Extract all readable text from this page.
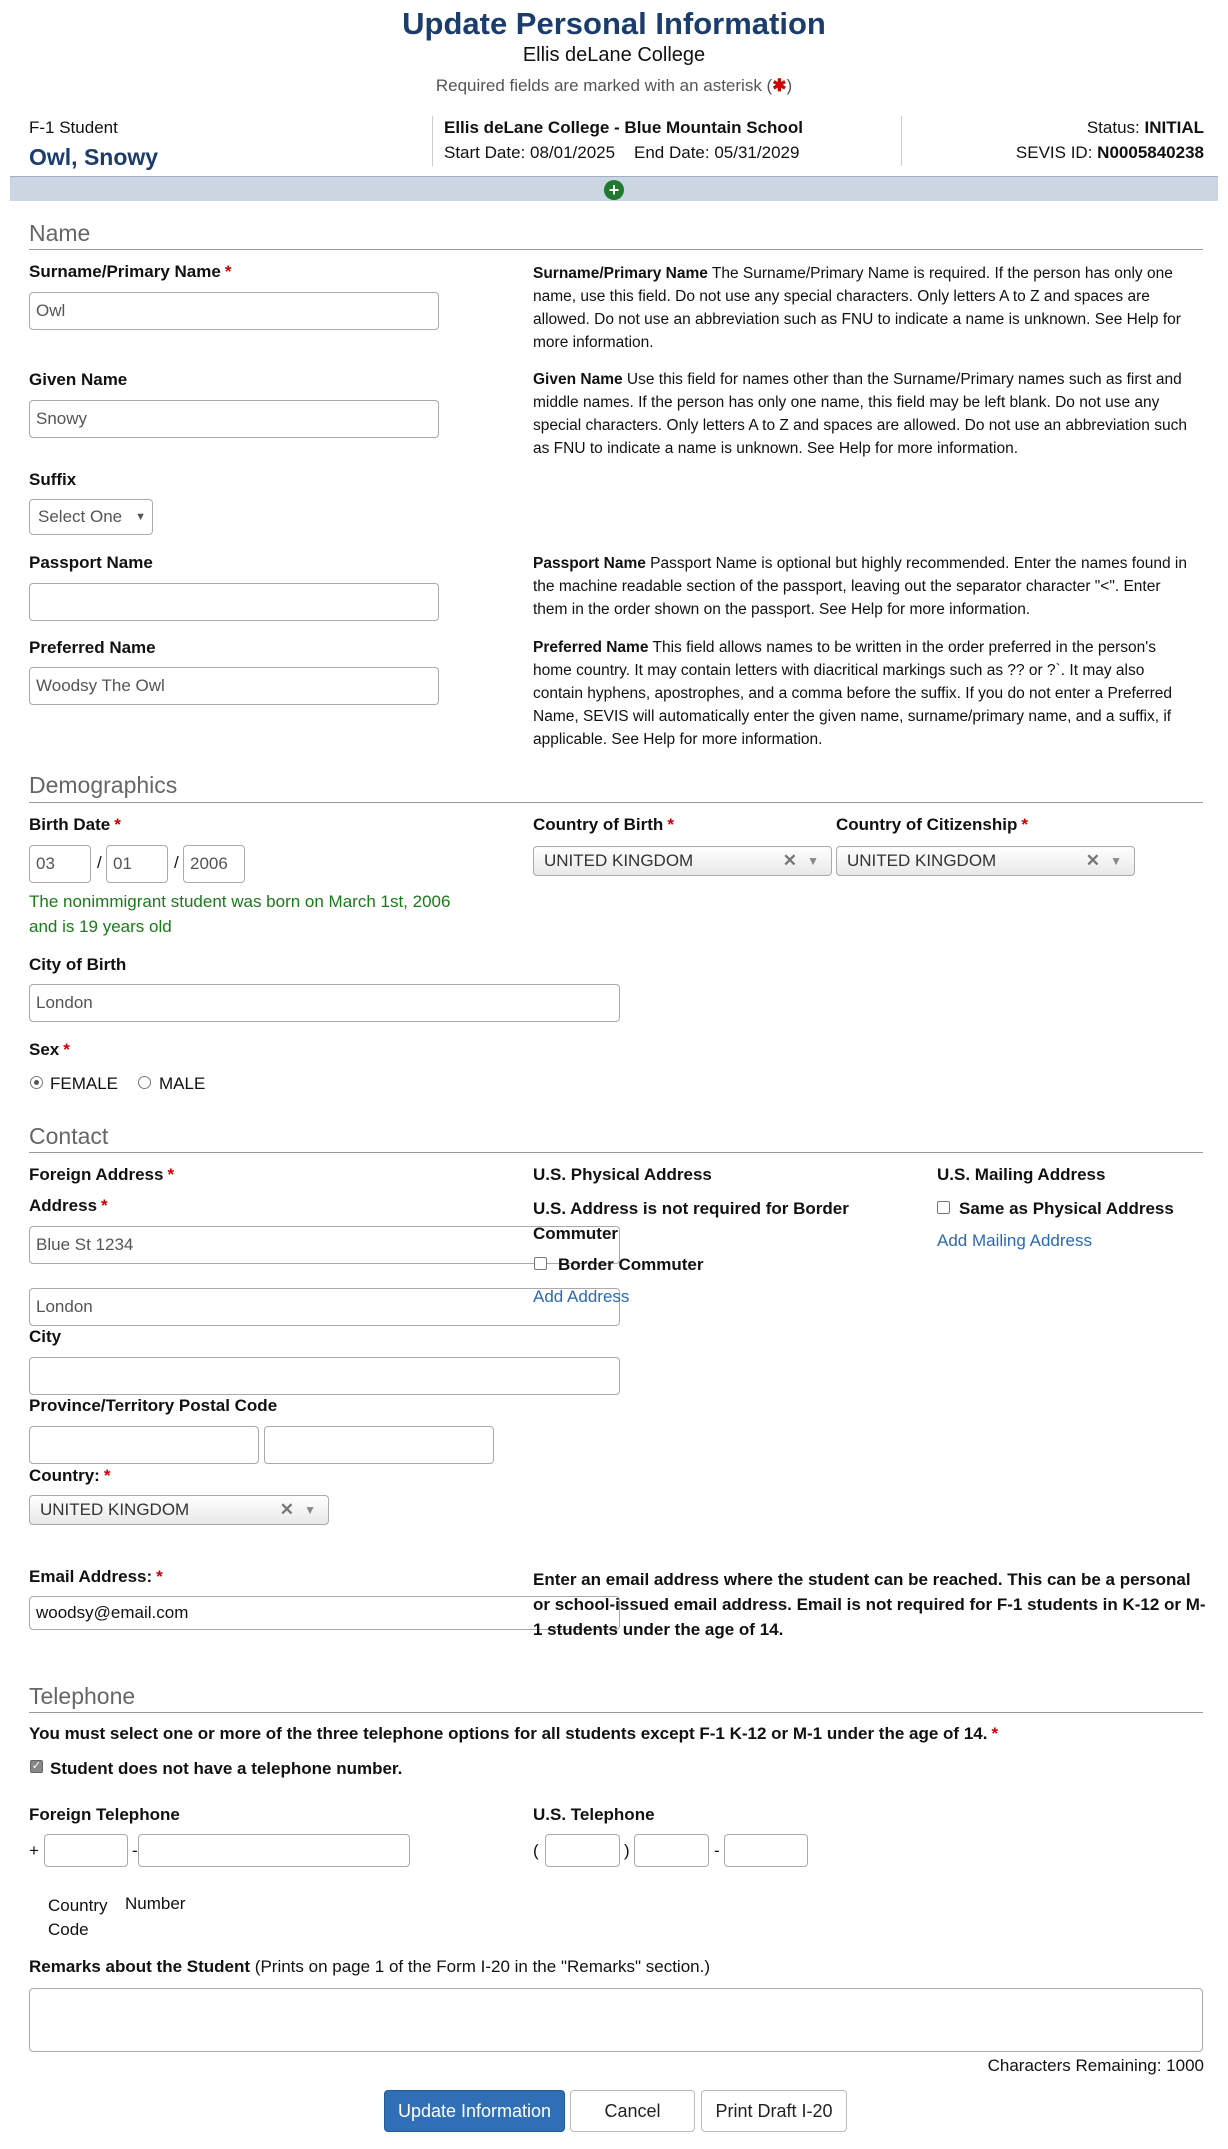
Update Personal Information
Ellis deLane College
Required fields are marked with an asterisk (✱)
F-1 Student
Owl, Snowy
Ellis deLane College - Blue Mountain School
Start Date: 08/01/2025 End Date: 05/31/2029
Status: INITIAL
SEVIS ID: N0005840238
+
Name
Surname/Primary Name *
Owl
Surname/Primary Name The Surname/Primary Name is required. If the person has only one name, use this field. Do not use any special characters. Only letters A to Z and spaces are allowed. Do not use an abbreviation such as FNU to indicate a name is unknown. See Help for more information.
Given Name
Snowy
Given Name Use this field for names other than the Surname/Primary names such as first and middle names. If the person has only one name, this field may be left blank. Do not use any special characters. Only letters A to Z and spaces are allowed. Do not use an abbreviation such as FNU to indicate a name is unknown. See Help for more information.
Suffix
Select One ▼
Passport Name	Passport Name Passport Name is optional but highly recommended. Enter the names found in the machine readable section of the passport, leaving out the separator character "<". Enter them in the order shown on the passport. See Help for more information.
Preferred Name
Woodsy The Owl
Preferred Name This field allows names to be written in the order preferred in the person's home country. It may contain letters with diacritical markings such as ?? or ?`. It may also contain hyphens, apostrophes, and a comma before the suffix. If you do not enter a Preferred Name, SEVIS will automatically enter the given name, surname/primary name, and a suffix, if applicable. See Help for more information.
Demographics
Birth Date *
03	/ 01	/ 2006
The nonimmigrant student was born on March 1st, 2006
and is 19 years old
Country of Birth *
UNITED KINGDOM	✕ ▼
Country of Citizenship *
UNITED KINGDOM	✕ ▼
City of Birth
London
Sex *
FEMALE MALE
Contact
Foreign Address *
Address *
Blue St 1234
London
City
Province/Territory Postal Code
Country: *
UNITED KINGDOM	✕ ▼
U.S. Physical Address
U.S. Address is not required for Border Commuter
Border Commuter
Add Address
U.S. Mailing Address
Same as Physical Address
Add Mailing Address
Email Address: *
woodsy@email.com
Enter an email address where the student can be reached. This can be a personal or school-issued email address. Email is not required for F-1 students in K-12 or M-1 students under the age of 14.
Telephone
You must select one or more of the three telephone options for all students except F-1 K-12 or M-1 under the age of 14. *
✓ Student does not have a telephone number.
Foreign Telephone
+	-
Country
Code
Number
U.S. Telephone
(	)	-
Remarks about the Student (Prints on page 1 of the Form I-20 in the "Remarks" section.)
Characters Remaining: 1000
Update Information	Cancel	Print Draft I-20
